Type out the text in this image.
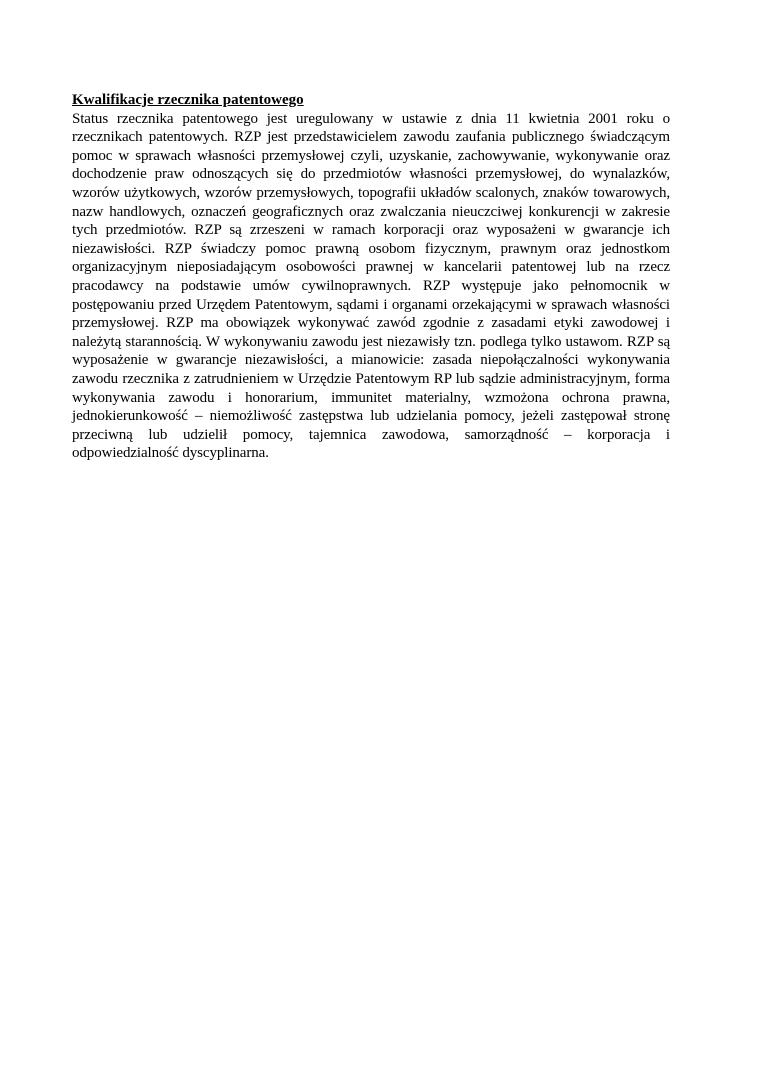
Kwalifikacje rzecznika patentowego

Status rzecznika patentowego jest uregulowany w ustawie z dnia 11 kwietnia 2001 roku o rzecznikach patentowych. RZP jest przedstawicielem zawodu zaufania publicznego świadczącym pomoc w sprawach własności przemysłowej czyli, uzyskanie, zachowywanie, wykonywanie oraz dochodzenie praw odnoszących się do przedmiotów własności przemysłowej, do wynalazków, wzorów użytkowych, wzorów przemysłowych, topografii układów scalonych, znaków towarowych, nazw handlowych, oznaczeń geograficznych oraz zwalczania nieuczciwej konkurencji w zakresie tych przedmiotów. RZP są zrzeszeni w ramach korporacji oraz wyposażeni w gwarancje ich niezawisłości. RZP świadczy pomoc prawną osobom fizycznym, prawnym oraz jednostkom organizacyjnym nieposiadającym osobowości prawnej w kancelarii patentowej lub na rzecz pracodawcy na podstawie umów cywilnoprawnych. RZP występuje jako pełnomocnik w postępowaniu przed Urzędem Patentowym, sądami i organami orzekającymi w sprawach własności przemysłowej. RZP ma obowiązek wykonywać zawód zgodnie z zasadami etyki zawodowej i należytą starannością. W wykonywaniu zawodu jest niezawisły tzn. podlega tylko ustawom. RZP są wyposażenie w gwarancje niezawisłości, a mianowicie: zasada niepołączalności wykonywania zawodu rzecznika z zatrudnieniem w Urzędzie Patentowym RP lub sądzie administracyjnym, forma wykonywania zawodu i honorarium, immunitet materialny, wzmożona ochrona prawna, jednokierunkowość – niemożliwość zastępstwa lub udzielania pomocy, jeżeli zastępował stronę przeciwną lub udzielił pomocy, tajemnica zawodowa, samorządność – korporacja i odpowiedzialność dyscyplinarna.
